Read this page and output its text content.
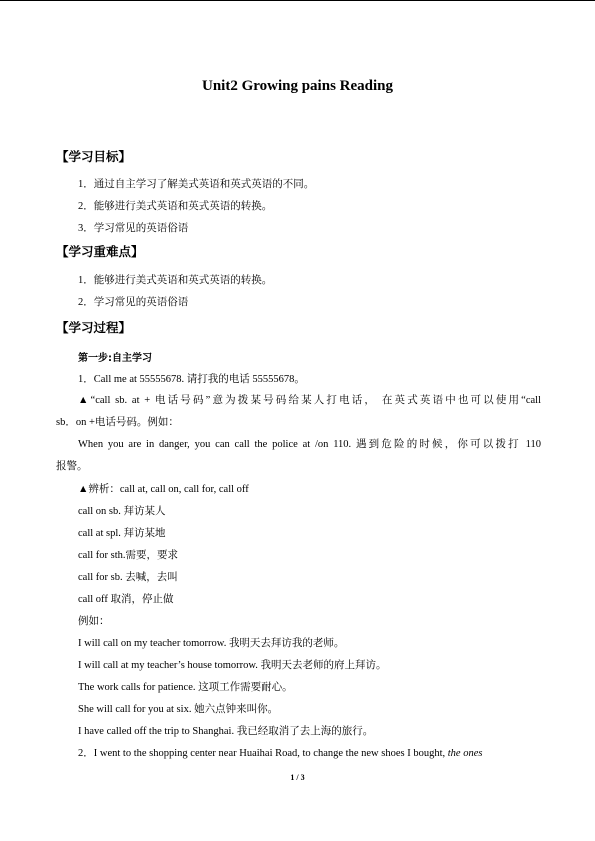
Unit2 Growing pains Reading
【学习目标】
1．通过自主学习了解美式英语和英式英语的不同。
2．能够进行美式英语和英式英语的转换。
3．学习常见的英语俗语
【学习重难点】
1．能够进行美式英语和英式英语的转换。
2．学习常见的英语俗语
【学习过程】
第一步:自主学习
1．Call me at 55555678. 请打我的电话 55555678。
▲“call sb. at + 电话号码”意为拨某号码给某人打电话， 在英式英语中也可以使用“call
sb．on +电话号码。例如：
When you are in danger, you can call the police at /on 110. 遇到危险的时候，你可以拨打 110
报警。
▲辨析：call at, call on, call for, call off
call on sb. 拜访某人
call at spl. 拜访某地
call for sth.需要，要求
call for sb. 去喊，去叫
call off 取消，停止做
例如：
I will call on my teacher tomorrow. 我明天去拜访我的老师。
I will call at my teacher’s house tomorrow. 我明天去老师的府上拜访。
The work calls for patience. 这项工作需要耐心。
She will call for you at six. 她六点钟来叫你。
I have called off the trip to Shanghai. 我已经取消了去上海的旅行。
2．I went to the shopping center near Huaihai Road, to change the new shoes I bought, the ones
1 / 3
